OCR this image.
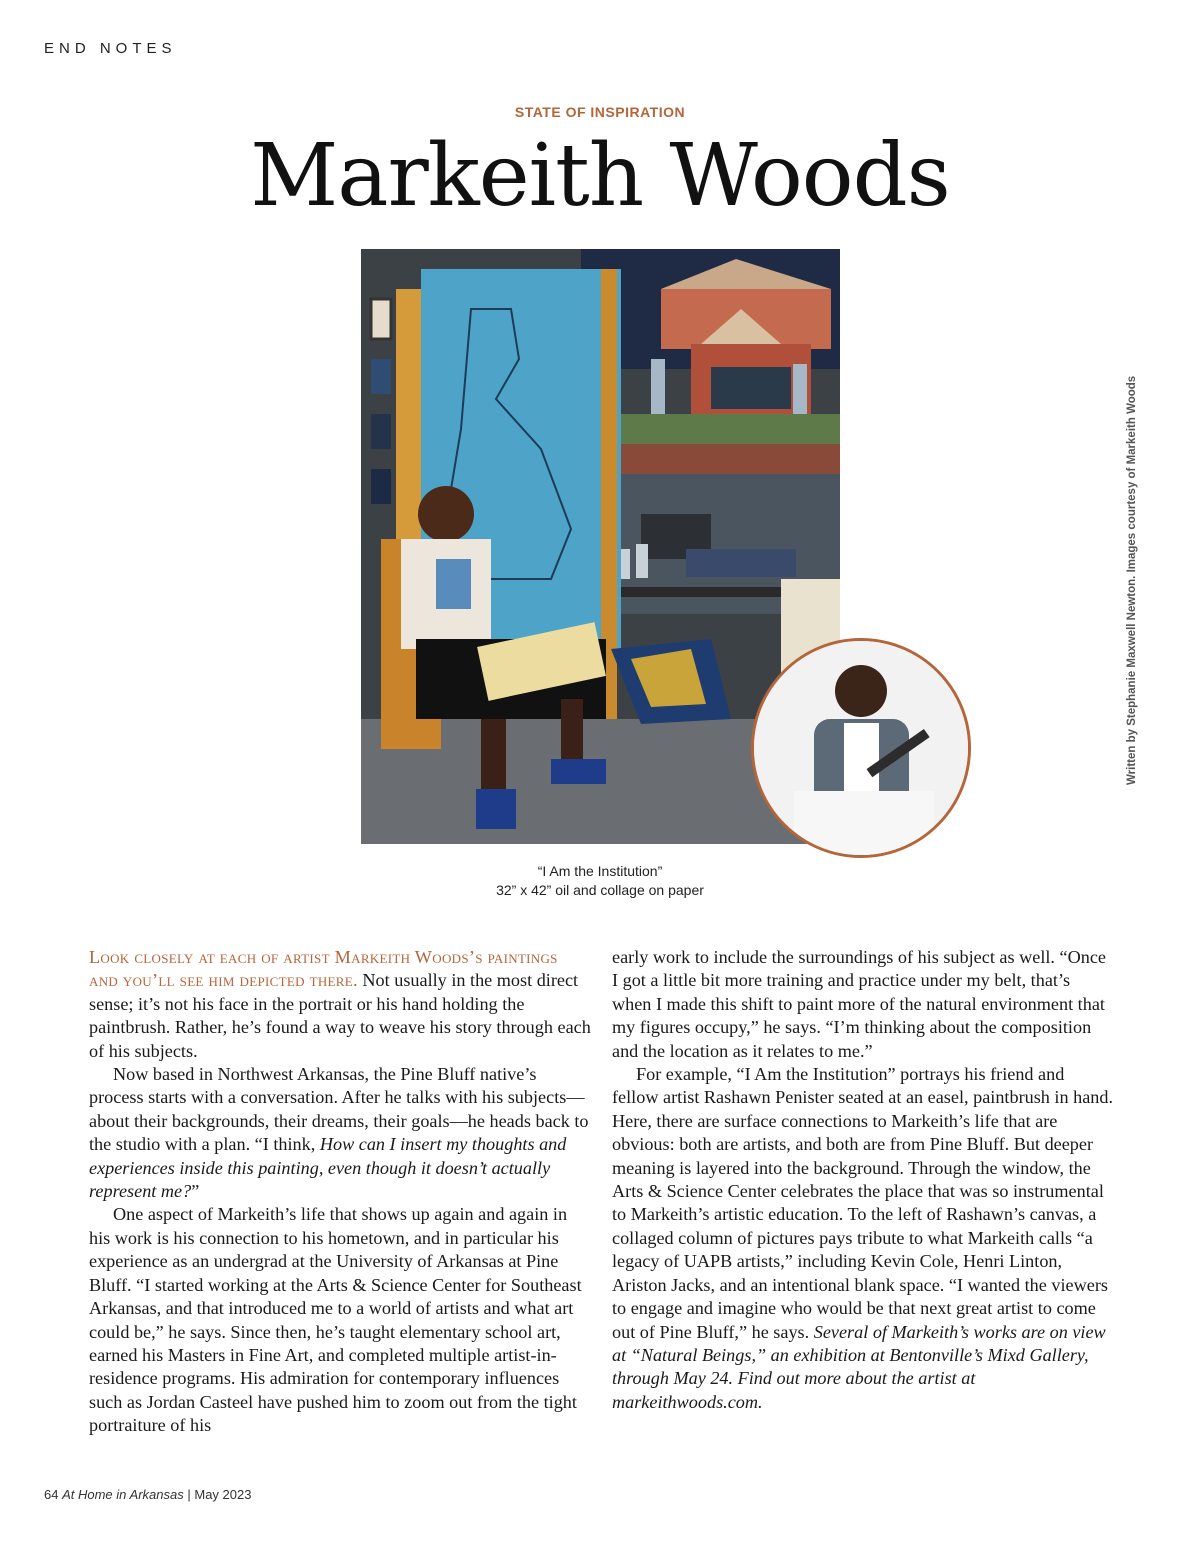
END NOTES
STATE OF INSPIRATION
Markeith Woods
Written by Stephanie Maxwell Newton. Images courtesy of Markeith Woods
“I Am the Institution”
32” x 42” oil and collage on paper

Look closely at each of artist Markeith Woods’s paintings and you’ll see him depicted there. Not usually in the most direct sense; it’s not his face in the portrait or his hand holding the paintbrush. Rather, he’s found a way to weave his story through each of his subjects.

Now based in Northwest Arkansas, the Pine Bluff native’s process starts with a conversation. After he talks with his subjects—about their backgrounds, their dreams, their goals—he heads back to the studio with a plan. “I think, How can I insert my thoughts and experiences inside this painting, even though it doesn’t actually represent me?”

One aspect of Markeith’s life that shows up again and again in his work is his connection to his hometown, and in particular his experience as an undergrad at the University of Arkansas at Pine Bluff. “I started working at the Arts & Science Center for Southeast Arkansas, and that introduced me to a world of artists and what art could be,” he says. Since then, he’s taught elementary school art, earned his Masters in Fine Art, and completed multiple artist-in-residence programs. His admiration for contemporary influences such as Jordan Casteel have pushed him to zoom out from the tight portraiture of his

early work to include the surroundings of his subject as well. “Once I got a little bit more training and practice under my belt, that’s when I made this shift to paint more of the natural environment that my figures occupy,” he says. “I’m thinking about the composition and the location as it relates to me.”

For example, “I Am the Institution” portrays his friend and fellow artist Rashawn Penister seated at an easel, paintbrush in hand. Here, there are surface connections to Markeith’s life that are obvious: both are artists, and both are from Pine Bluff. But deeper meaning is layered into the background. Through the window, the Arts & Science Center celebrates the place that was so instrumental to Markeith’s artistic education. To the left of Rashawn’s canvas, a collaged column of pictures pays tribute to what Markeith calls “a legacy of UAPB artists,” including Kevin Cole, Henri Linton, Ariston Jacks, and an intentional blank space. “I wanted the viewers to engage and imagine who would be that next great artist to come out of Pine Bluff,” he says. Several of Markeith’s works are on view at “Natural Beings,” an exhibition at Bentonville’s Mixd Gallery, through May 24. Find out more about the artist at markeithwoods.com.

64 At Home in Arkansas | May 2023
